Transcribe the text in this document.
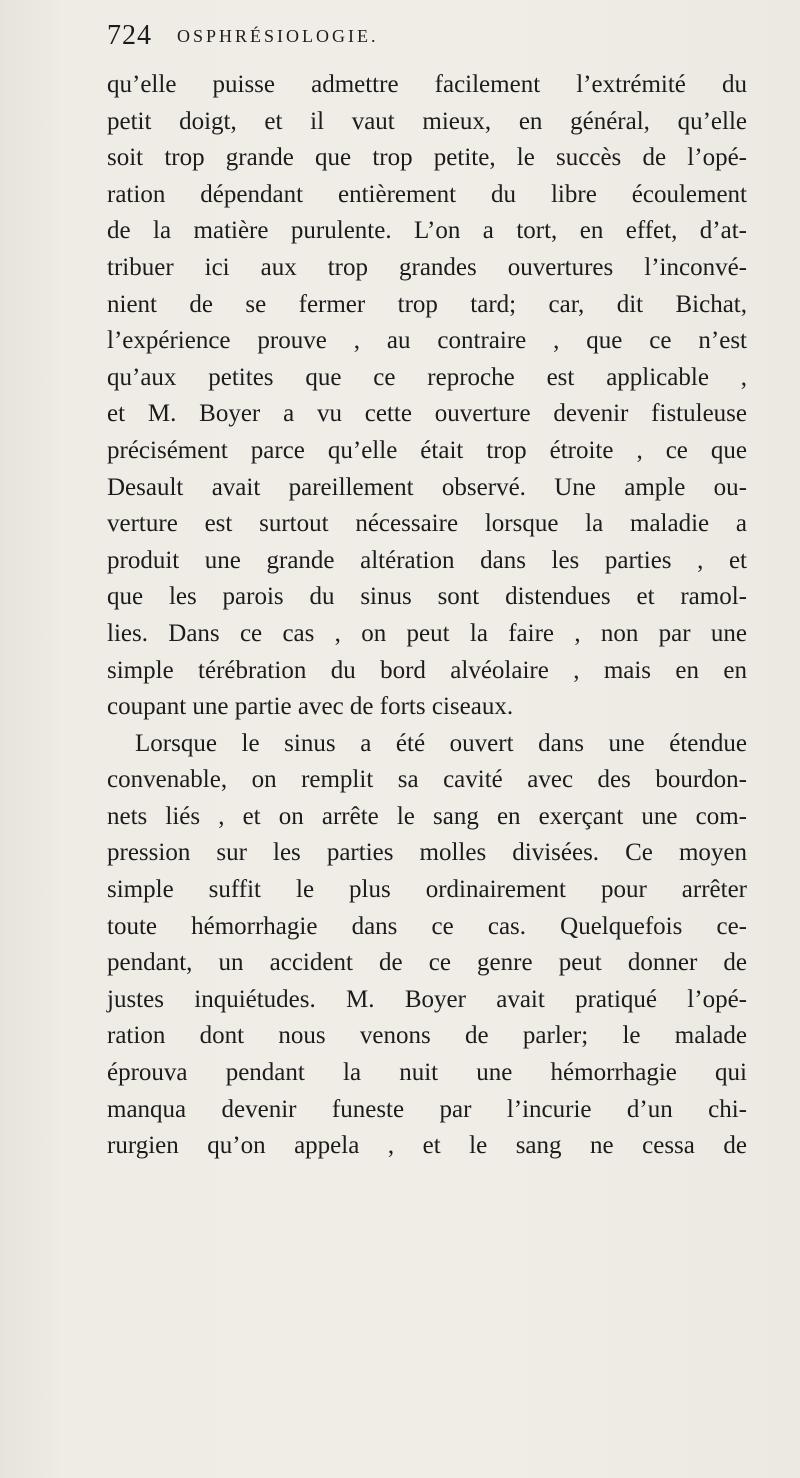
724 OSPHRÉSIOLOGIE.
qu’elle puisse admettre facilement l’extrémité du
petit doigt, et il vaut mieux, en général, qu’elle
soit trop grande que trop petite, le succès de l’opé-
ration dépendant entièrement du libre écoulement
de la matière purulente. L’on a tort, en effet, d’at-
tribuer ici aux trop grandes ouvertures l’inconvé-
nient de se fermer trop tard; car, dit Bichat,
l’expérience prouve , au contraire , que ce n’est
qu’aux petites que ce reproche est applicable ,
et M. Boyer a vu cette ouverture devenir fistuleuse
précisément parce qu’elle était trop étroite , ce que
Desault avait pareillement observé. Une ample ou-
verture est surtout nécessaire lorsque la maladie a
produit une grande altération dans les parties , et
que les parois du sinus sont distendues et ramol-
lies. Dans ce cas , on peut la faire , non par une
simple térébration du bord alvéolaire , mais en en
coupant une partie avec de forts ciseaux.
Lorsque le sinus a été ouvert dans une étendue
convenable, on remplit sa cavité avec des bourdon-
nets liés , et on arrête le sang en exerçant une com-
pression sur les parties molles divisées. Ce moyen
simple suffit le plus ordinairement pour arrêter
toute hémorrhagie dans ce cas. Quelquefois ce-
pendant, un accident de ce genre peut donner de
justes inquiétudes. M. Boyer avait pratiqué l’opé-
ration dont nous venons de parler; le malade
éprouva pendant la nuit une hémorrhagie qui
manqua devenir funeste par l’incurie d’un chi-
rurgien qu’on appela , et le sang ne cessa de
